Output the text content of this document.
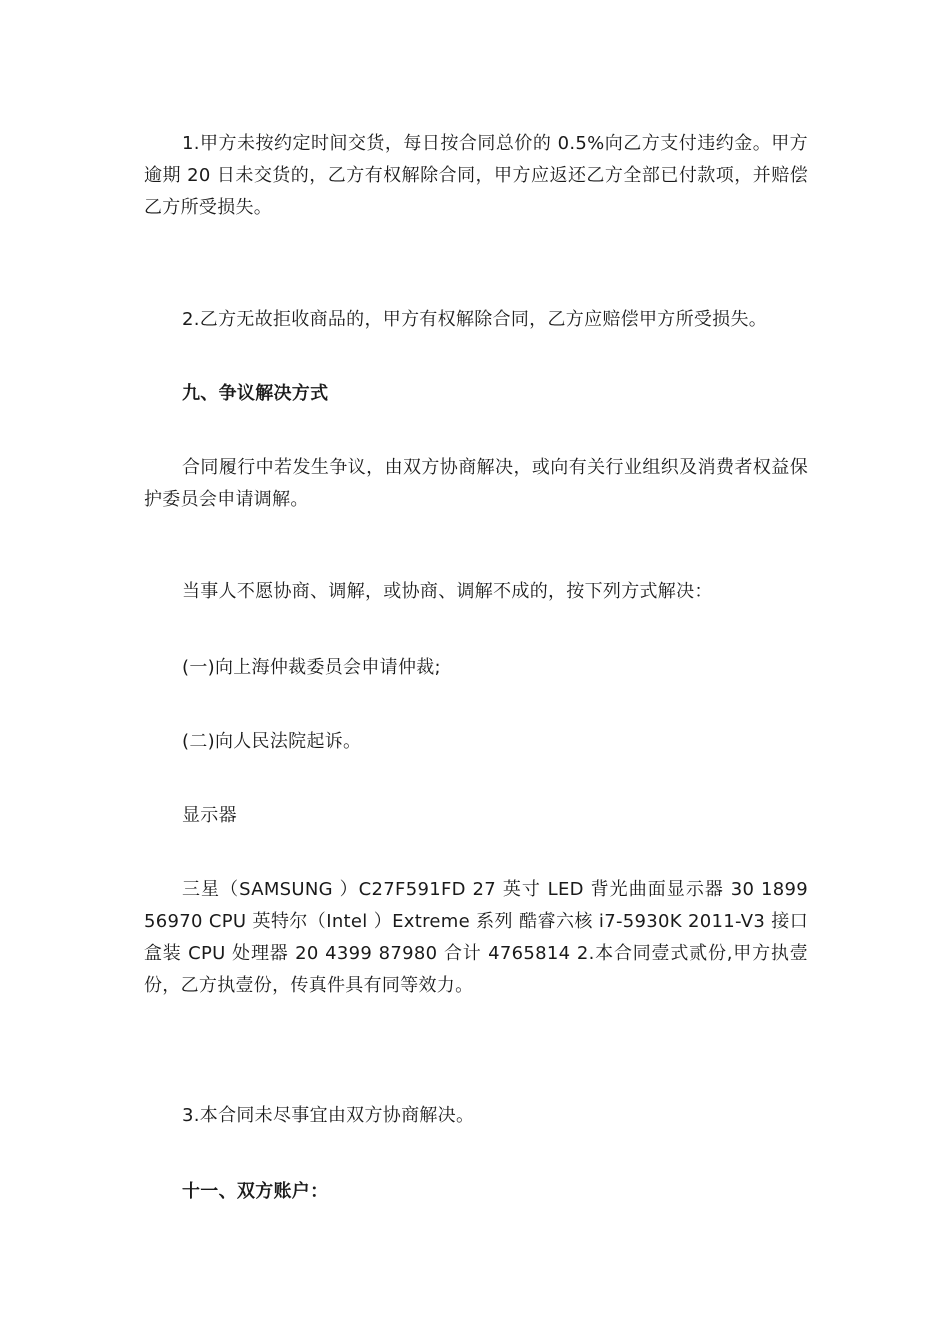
1.甲方未按约定时间交货，每日按合同总价的 0.5%向乙方支付违约金。甲方逾期 20 日未交货的，乙方有权解除合同，甲方应返还乙方全部已付款项，并赔偿乙方所受损失。

2.乙方无故拒收商品的，甲方有权解除合同，乙方应赔偿甲方所受损失。

九、争议解决方式

合同履行中若发生争议，由双方协商解决，或向有关行业组织及消费者权益保护委员会申请调解。

当事人不愿协商、调解，或协商、调解不成的，按下列方式解决：

(一)向上海仲裁委员会申请仲裁;

(二)向人民法院起诉。

显示器

三星（SAMSUNG ）C27F591FD 27 英寸 LED 背光曲面显示器 30 1899 56970 CPU 英特尔（Intel ）Extreme 系列 酷睿六核 i7-5930K 2011-V3 接口盒装 CPU 处理器 20 4399 87980 合计 4765814 2.本合同壹式贰份,甲方执壹份，乙方执壹份，传真件具有同等效力。

3.本合同未尽事宜由双方协商解决。

十一、双方账户：
